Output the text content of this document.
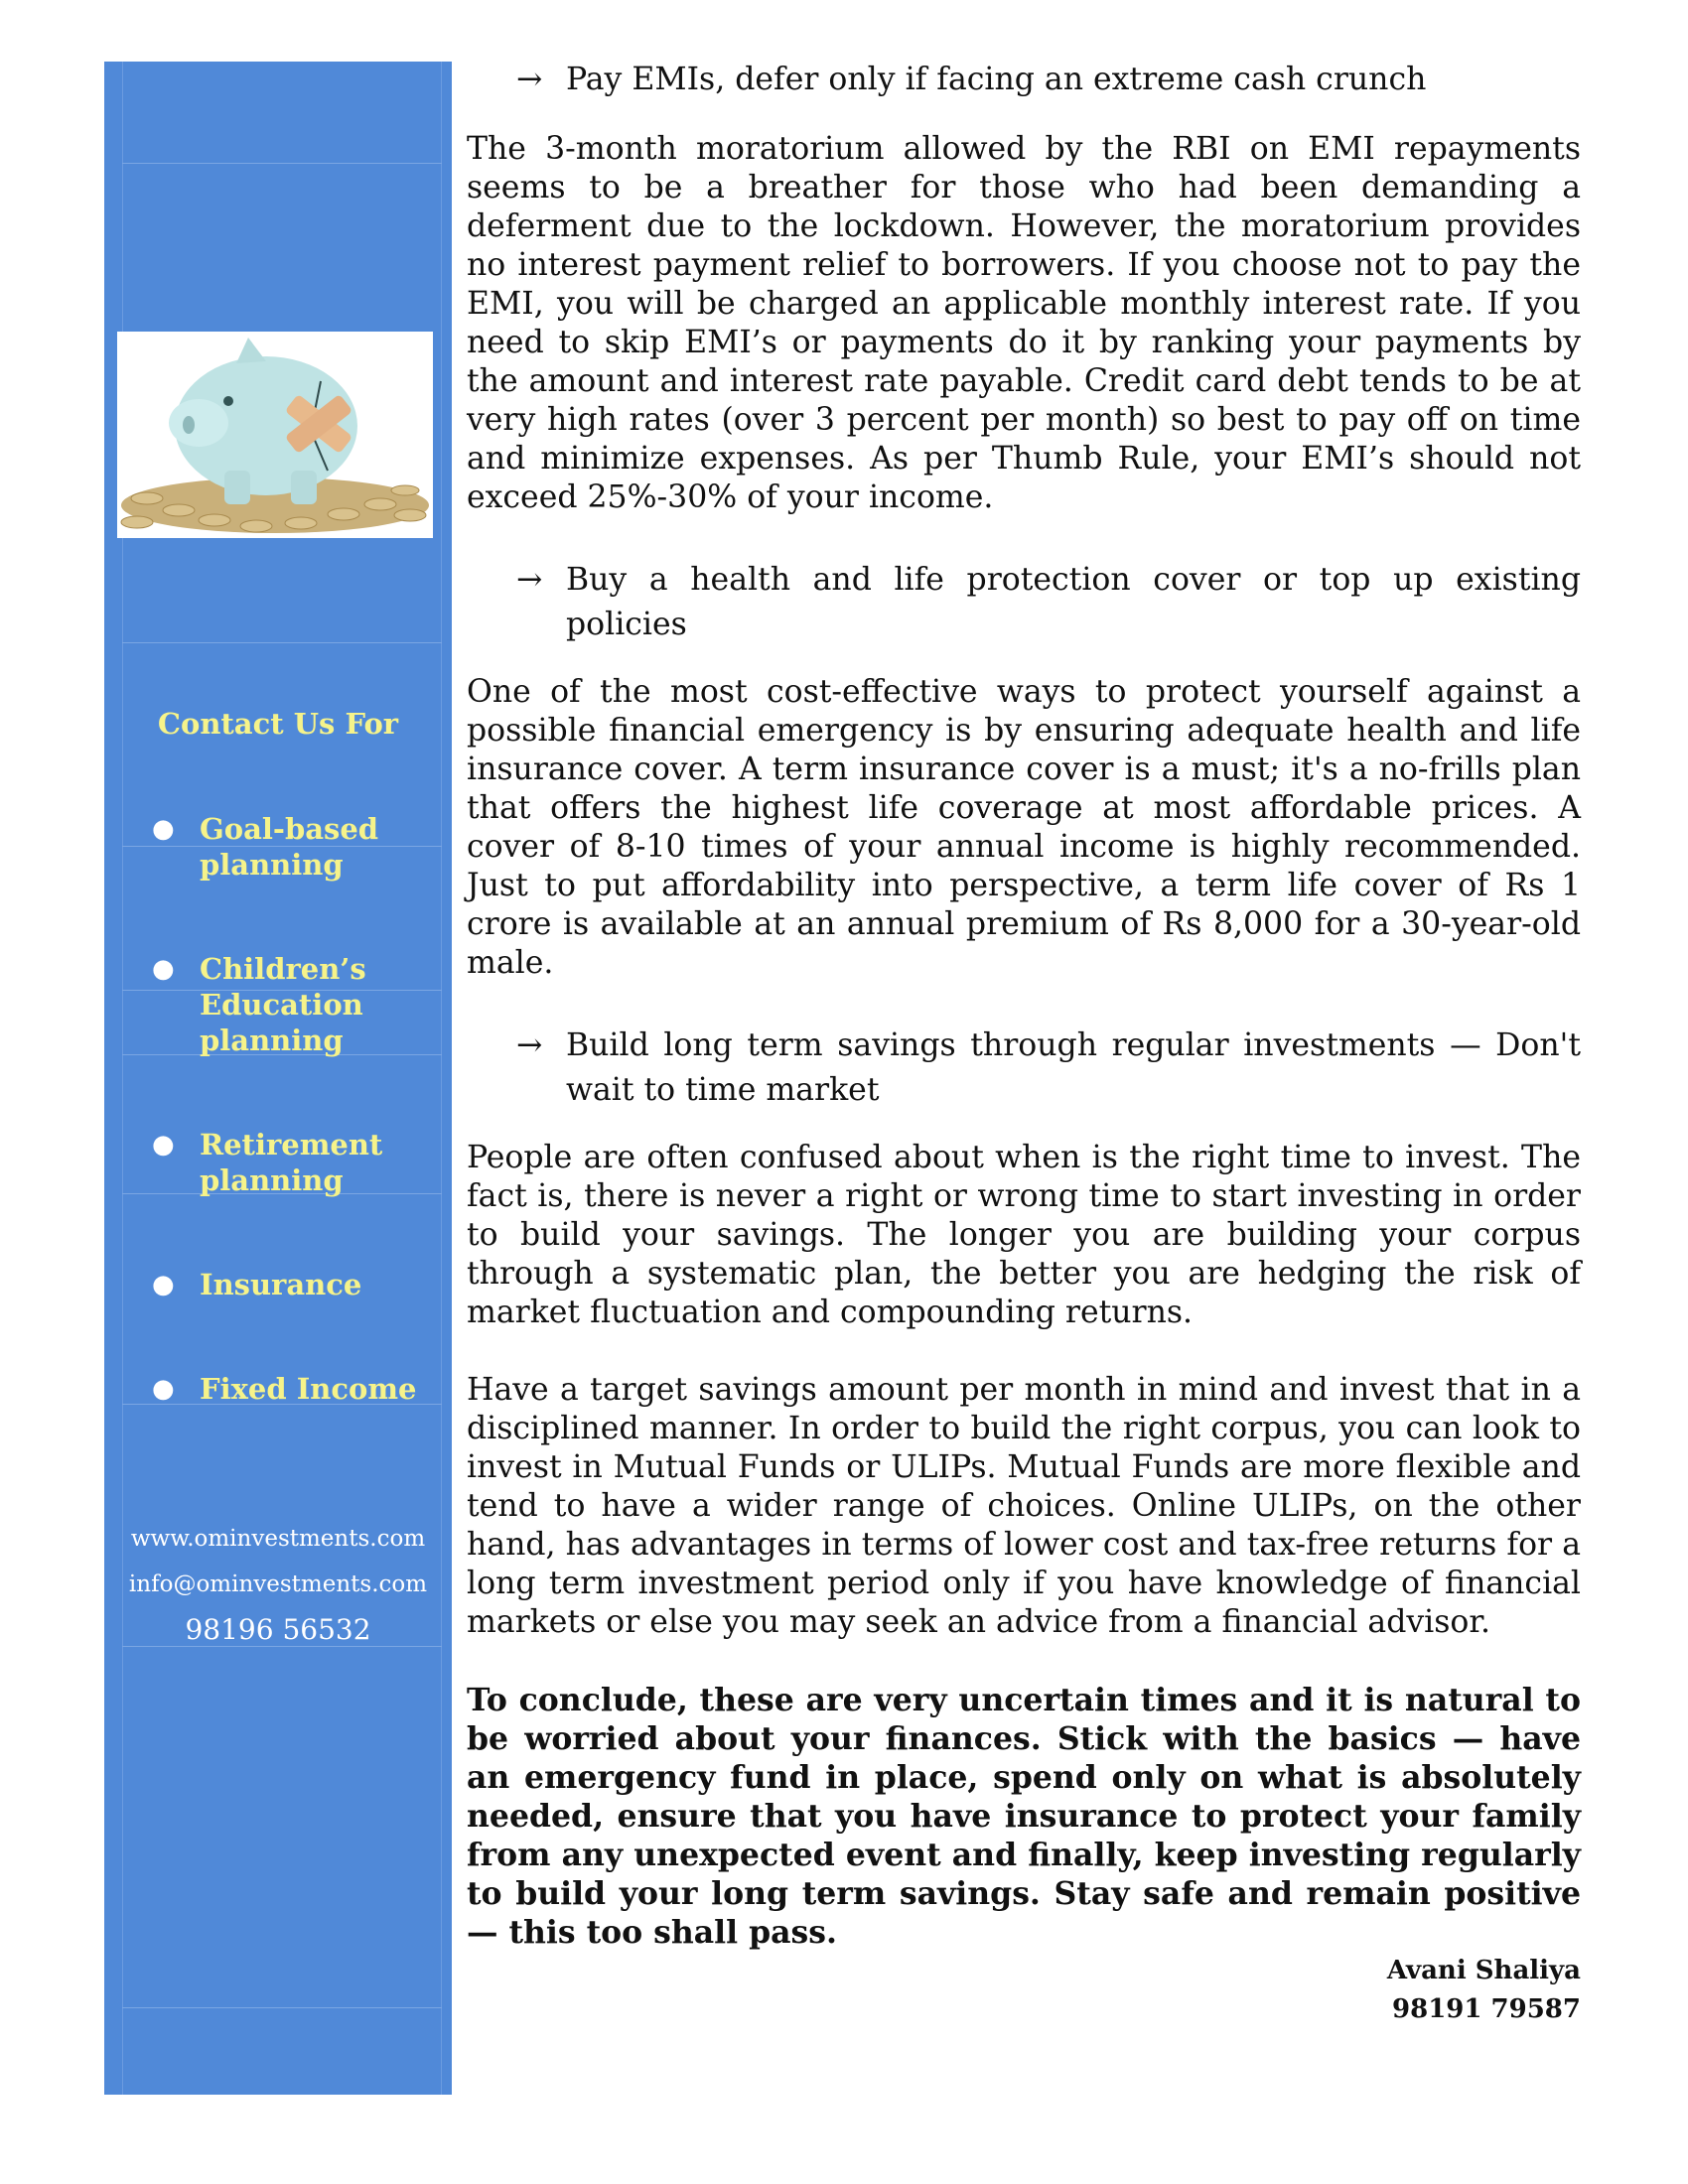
Contact Us For
● Goal-based planning
● Children’s Education planning
● Retirement planning
● Insurance
● Fixed Income
www.ominvestments.com
info@ominvestments.com
98196 56532
→ Pay EMIs, defer only if facing an extreme cash crunch

The 3-month moratorium allowed by the RBI on EMI repayments seems to be a breather for those who had been demanding a deferment due to the lockdown. However, the moratorium provides no interest payment relief to borrowers. If you choose not to pay the EMI, you will be charged an applicable monthly interest rate. If you need to skip EMI’s or payments do it by ranking your payments by the amount and interest rate payable. Credit card debt tends to be at very high rates (over 3 percent per month) so best to pay off on time and minimize expenses. As per Thumb Rule, your EMI’s should not exceed 25%-30% of your income.

→ Buy a health and life protection cover or top up existing policies

One of the most cost-effective ways to protect yourself against a possible financial emergency is by ensuring adequate health and life insurance cover. A term insurance cover is a must; it's a no-frills plan that offers the highest life coverage at most affordable prices. A cover of 8-10 times of your annual income is highly recommended. Just to put affordability into perspective, a term life cover of Rs 1 crore is available at an annual premium of Rs 8,000 for a 30-year-old male.

→ Build long term savings through regular investments — Don't wait to time market

People are often confused about when is the right time to invest. The fact is, there is never a right or wrong time to start investing in order to build your savings. The longer you are building your corpus through a systematic plan, the better you are hedging the risk of market fluctuation and compounding returns.

Have a target savings amount per month in mind and invest that in a disciplined manner. In order to build the right corpus, you can look to invest in Mutual Funds or ULIPs. Mutual Funds are more flexible and tend to have a wider range of choices. Online ULIPs, on the other hand, has advantages in terms of lower cost and tax-free returns for a long term investment period only if you have knowledge of financial markets or else you may seek an advice from a financial advisor.

To conclude, these are very uncertain times and it is natural to be worried about your finances. Stick with the basics — have an emergency fund in place, spend only on what is absolutely needed, ensure that you have insurance to protect your family from any unexpected event and finally, keep investing regularly to build your long term savings. Stay safe and remain positive — this too shall pass.

Avani Shaliya
98191 79587
